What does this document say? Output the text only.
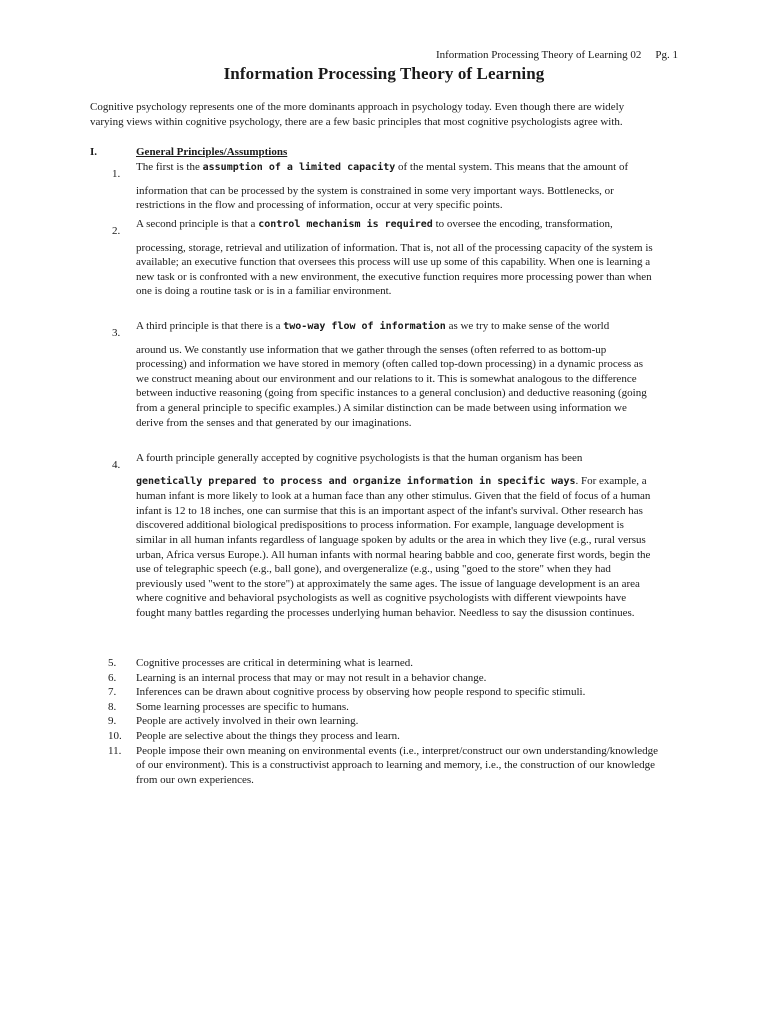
Information Processing Theory of Learning 02 Pg. 1
Information Processing Theory of Learning
Cognitive psychology represents one of the more dominants approach in psychology today. Even though there are widely varying views within cognitive psychology, there are a few basic principles that most cognitive psychologists agree with.
I.	General Principles/Assumptions
1.
The first is the assumption of a limited capacity of the mental system. This means that the amount of
information that can be processed by the system is constrained in some very important ways. Bottlenecks, or restrictions in the flow and processing of information, occur at very specific points.
2.
A second principle is that a control mechanism is required to oversee the encoding, transformation,
processing, storage, retrieval and utilization of information. That is, not all of the processing capacity of the system is available; an executive function that oversees this process will use up some of this capability. When one is learning a new task or is confronted with a new environment, the executive function requires more processing power than when one is doing a routine task or is in a familiar environment.
3.
A third principle is that there is a two-way flow of information as we try to make sense of the world
around us. We constantly use information that we gather through the senses (often referred to as bottom-up processing) and information we have stored in memory (often called top-down processing) in a dynamic process as we construct meaning about our environment and our relations to it. This is somewhat analogous to the difference between inductive reasoning (going from specific instances to a general conclusion) and deductive reasoning (going from a general principle to specific examples.) A similar distinction can be made between using information we derive from the senses and that generated by our imaginations.
4.
A fourth principle generally accepted by cognitive psychologists is that the human organism has been
genetically prepared to process and organize information in specific ways. For example, a human infant is more likely to look at a human face than any other stimulus. Given that the field of focus of a human infant is 12 to 18 inches, one can surmise that this is an important aspect of the infant's survival. Other research has discovered additional biological predispositions to process information. For example, language development is similar in all human infants regardless of language spoken by adults or the area in which they live (e.g., rural versus urban, Africa versus Europe.). All human infants with normal hearing babble and coo, generate first words, begin the use of telegraphic speech (e.g., ball gone), and overgeneralize (e.g., using "goed to the store" when they had previously used "went to the store") at approximately the same ages. The issue of language development is an area where cognitive and behavioral psychologists as well as cognitive psychologists with different viewpoints have fought many battles regarding the processes underlying human behavior. Needless to say the disussion continues.
5.	Cognitive processes are critical in determining what is learned.
6.	Learning is an internal process that may or may not result in a behavior change.
7.	Inferences can be drawn about cognitive process by observing how people respond to specific stimuli.
8.	Some learning processes are specific to humans.
9.	People are actively involved in their own learning.
10.	People are selective about the things they process and learn.
11.	People impose their own meaning on environmental events (i.e., interpret/construct our own understanding/knowledge of our environment). This is a constructivist approach to learning and memory, i.e., the construction of our knowledge from our own experiences.
